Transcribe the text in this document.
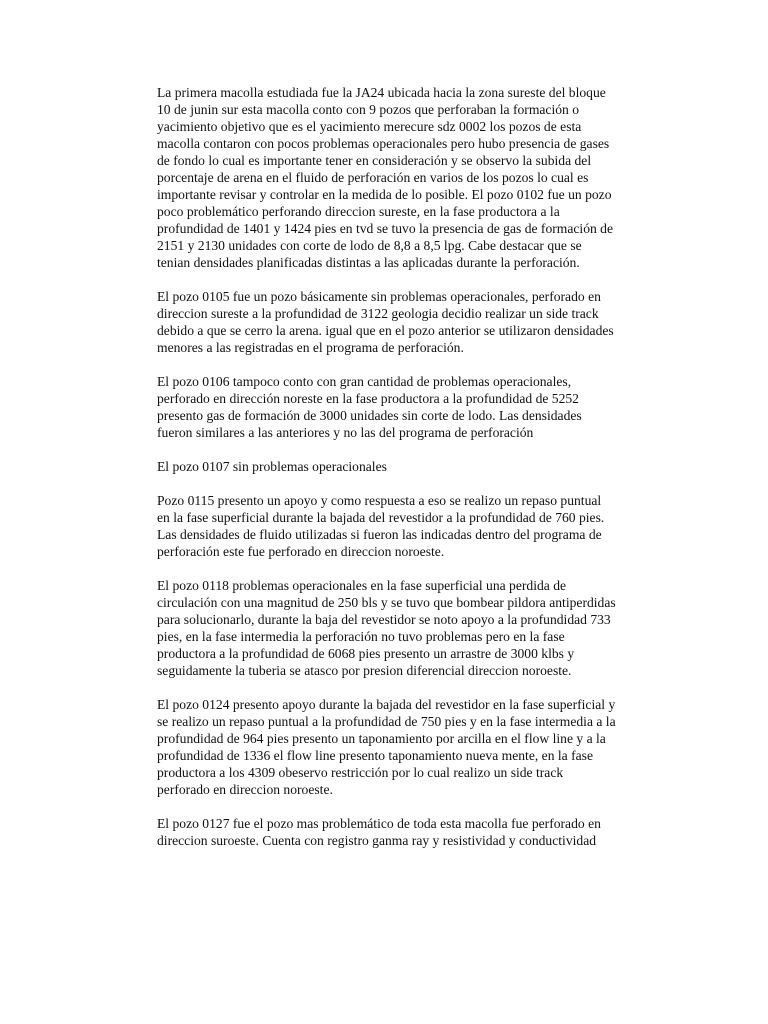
La primera macolla estudiada fue la JA24 ubicada hacia la zona sureste del bloque 10 de junin sur esta macolla conto con 9 pozos que perforaban la formación o yacimiento objetivo que es el yacimiento merecure sdz 0002 los pozos de esta macolla contaron con pocos problemas operacionales pero hubo presencia de gases de fondo lo cual es importante tener en consideración y se observo la subida del porcentaje de arena en el fluido de perforación en varios de los pozos lo cual es importante revisar y controlar en la medida de lo posible. El pozo 0102 fue un pozo poco problemático perforando direccion sureste, en la fase productora a la profundidad de 1401 y 1424 pies en tvd se tuvo la presencia de gas de formación de 2151 y 2130 unidades con corte de lodo de 8,8 a 8,5 lpg. Cabe destacar que se tenian densidades planificadas distintas a las aplicadas durante la perforación.

El pozo 0105 fue un pozo básicamente sin problemas operacionales, perforado en direccion sureste a la profundidad de 3122 geologia decidio realizar un side track debido a que se cerro la arena. igual que en el pozo anterior se utilizaron densidades menores a las registradas en el programa de perforación.

El pozo 0106 tampoco conto con gran cantidad de problemas operacionales, perforado en dirección noreste en la fase productora a la profundidad de 5252 presento gas de formación de 3000 unidades sin corte de lodo. Las densidades fueron similares a las anteriores y no las del programa de perforación

El pozo 0107 sin problemas operacionales

Pozo 0115 presento un apoyo y como respuesta a eso se realizo un repaso puntual en la fase superficial durante la bajada del revestidor a la profundidad de 760 pies. Las densidades de fluido utilizadas si fueron las indicadas dentro del programa de perforación este fue perforado en direccion noroeste.

El pozo 0118 problemas operacionales en la fase superficial una perdida de circulación con una magnitud de 250 bls y se tuvo que bombear pildora antiperdidas para solucionarlo, durante la baja del revestidor se noto apoyo a la profundidad 733 pies, en la fase intermedia la perforación no tuvo problemas pero en la fase productora a la profundidad de 6068 pies presento un arrastre de 3000 klbs y seguidamente la tuberia se atasco por presion diferencial direccion noroeste.

El pozo 0124 presento apoyo durante la bajada del revestidor en la fase superficial y se realizo un repaso puntual a la profundidad de 750 pies y en la fase intermedia a la profundidad de 964 pies presento un taponamiento por arcilla en el flow line y a la profundidad de 1336 el flow line presento taponamiento nueva mente, en la fase productora a los 4309 obeservo restricción por lo cual realizo un side track perforado en direccion noroeste.

El pozo 0127 fue el pozo mas problemático de toda esta macolla fue perforado en direccion suroeste. Cuenta con registro ganma ray y resistividad y conductividad
